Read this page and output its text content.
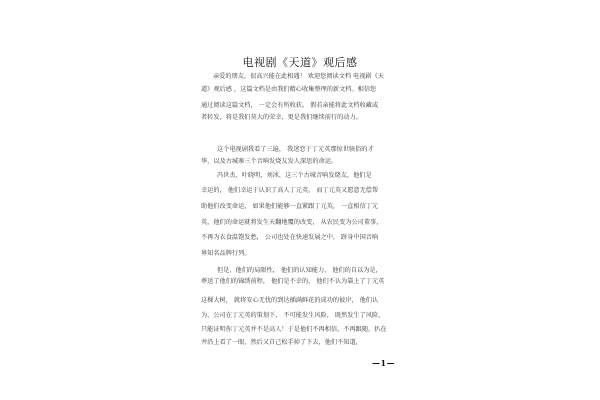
电视剧《天道》观后感
亲爱的朋友，很高兴能在此相遇！ 欢迎您阅读文档 电视剧《天
道》观后感 ，这篇文档是由我们精心收集整理的新文档。相信您
通过阅读这篇文档， 一定会有所收获。 假若亲能将此文档收藏或
者转发，将是我们莫大的荣幸，更是我们继续前行的动力。
这个电视剧我看了三遍， 我迷恋于丁元英那惊世骇俗的才
华，以及古城寨三个音响发烧友发人深思的命运。
冯世杰、叶晓明，刘冰，这三个古城音响发烧友，他们是
幸运的， 他们幸运于认识了高人丁元英， 而丁元英又愿意无偿帮
助他们改变命运， 如果他们能够一直紧跟丁元英， 一直相信丁元
英，他们的命运就将发生天翻地覆的改变， 从农民变为公司董事，
不再为衣食温饱发愁， 公司也处在快速发展之中， 跻身中国音响
界知名品牌行列。
但是，他们的局限性， 他们的认知能力， 他们的自以为是，
葬送了他们的锦绣前程， 他们是不幸的， 他们不认为靠上了丁元英
这棵大树， 就将安心无忧的到达插满鲜花的成功的彼岸， 他们认
为，公司在丁元英的策划下， 不可能发生风险， 既然发生了风险，
只能证明你丁元英并不是高人！于是他们不再相信，不再跟随，扒在
井沿上看了一眼，然后又自己松手掉了下去，他们不知道，
—1—
